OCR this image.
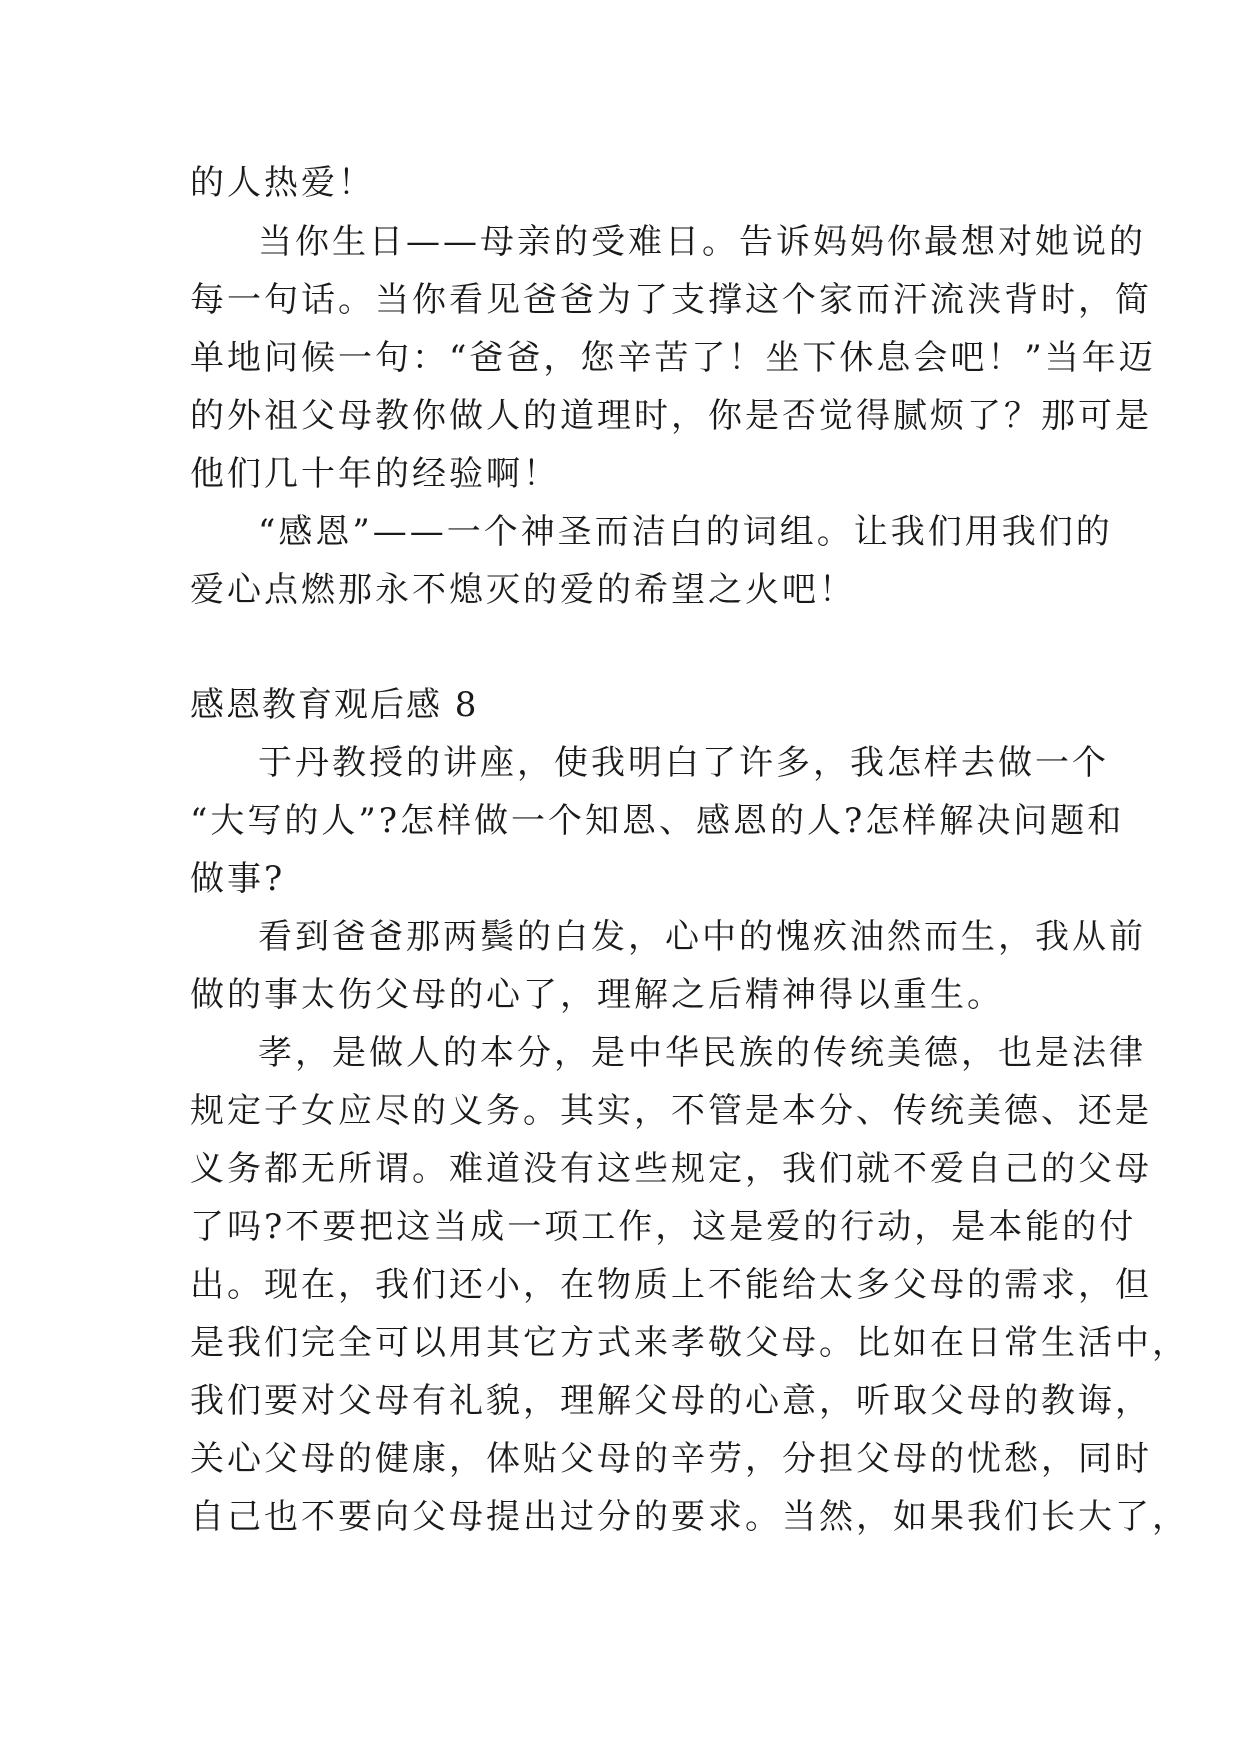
的人热爱！
当你生日——母亲的受难日。告诉妈妈你最想对她说的
每一句话。当你看见爸爸为了支撑这个家而汗流浃背时，简
单地问候一句：“爸爸，您辛苦了！坐下休息会吧！”当年迈
的外祖父母教你做人的道理时，你是否觉得腻烦了？那可是
他们几十年的经验啊！
“感恩”——一个神圣而洁白的词组。让我们用我们的
爱心点燃那永不熄灭的爱的希望之火吧！
感恩教育观后感 8
于丹教授的讲座，使我明白了许多，我怎样去做一个
“大写的人”?怎样做一个知恩、感恩的人?怎样解决问题和
做事?
看到爸爸那两鬓的白发，心中的愧疚油然而生，我从前
做的事太伤父母的心了，理解之后精神得以重生。
孝，是做人的本分，是中华民族的传统美德，也是法律
规定子女应尽的义务。其实，不管是本分、传统美德、还是
义务都无所谓。难道没有这些规定，我们就不爱自己的父母
了吗?不要把这当成一项工作，这是爱的行动，是本能的付
出。现在，我们还小，在物质上不能给太多父母的需求，但
是我们完全可以用其它方式来孝敬父母。比如在日常生活中，
我们要对父母有礼貌，理解父母的心意，听取父母的教诲，
关心父母的健康，体贴父母的辛劳，分担父母的忧愁，同时
自己也不要向父母提出过分的要求。当然，如果我们长大了，
